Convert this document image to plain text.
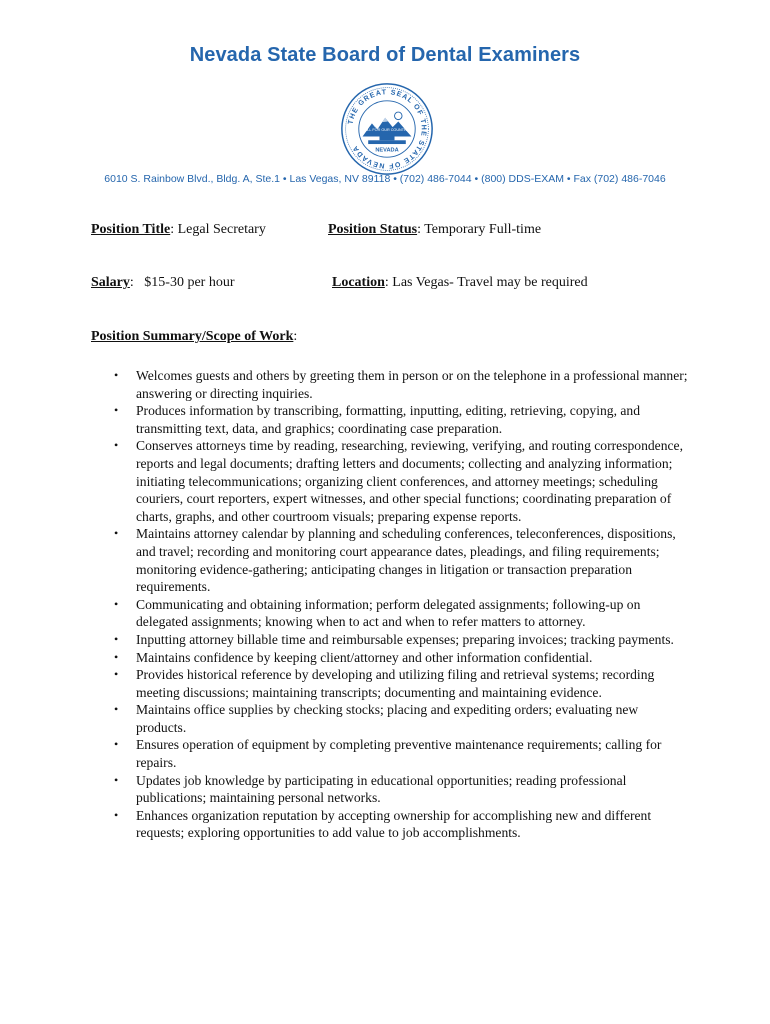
Nevada State Board of Dental Examiners
THE GREAT SEAL OF THE STATE OF NEVADA
ALL FOR OUR COUNTRY
NEVADA
6010 S. Rainbow Blvd., Bldg. A, Ste.1 • Las Vegas, NV 89118 • (702) 486-7044 • (800) DDS-EXAM • Fax (702) 486-7046
Position Title: Legal Secretary	Position Status: Temporary Full-time
Salary:   $15-30 per hour	Location: Las Vegas- Travel may be required
Position Summary/Scope of Work:
• Welcomes guests and others by greeting them in person or on the telephone in a professional manner; answering or directing inquiries.
• Produces information by transcribing, formatting, inputting, editing, retrieving, copying, and transmitting text, data, and graphics; coordinating case preparation.
• Conserves attorneys time by reading, researching, reviewing, verifying, and routing correspondence, reports and legal documents; drafting letters and documents; collecting and analyzing information; initiating telecommunications; organizing client conferences, and attorney meetings; scheduling couriers, court reporters, expert witnesses, and other special functions; coordinating preparation of charts, graphs, and other courtroom visuals; preparing expense reports.
• Maintains attorney calendar by planning and scheduling conferences, teleconferences, dispositions, and travel; recording and monitoring court appearance dates, pleadings, and filing requirements; monitoring evidence-gathering; anticipating changes in litigation or transaction preparation requirements.
• Communicating and obtaining information; perform delegated assignments; following-up on delegated assignments; knowing when to act and when to refer matters to attorney.
• Inputting attorney billable time and reimbursable expenses; preparing invoices; tracking payments.
• Maintains confidence by keeping client/attorney and other information confidential.
• Provides historical reference by developing and utilizing filing and retrieval systems; recording meeting discussions; maintaining transcripts; documenting and maintaining evidence.
• Maintains office supplies by checking stocks; placing and expediting orders; evaluating new products.
• Ensures operation of equipment by completing preventive maintenance requirements; calling for repairs.
• Updates job knowledge by participating in educational opportunities; reading professional publications; maintaining personal networks.
• Enhances organization reputation by accepting ownership for accomplishing new and different requests; exploring opportunities to add value to job accomplishments.
